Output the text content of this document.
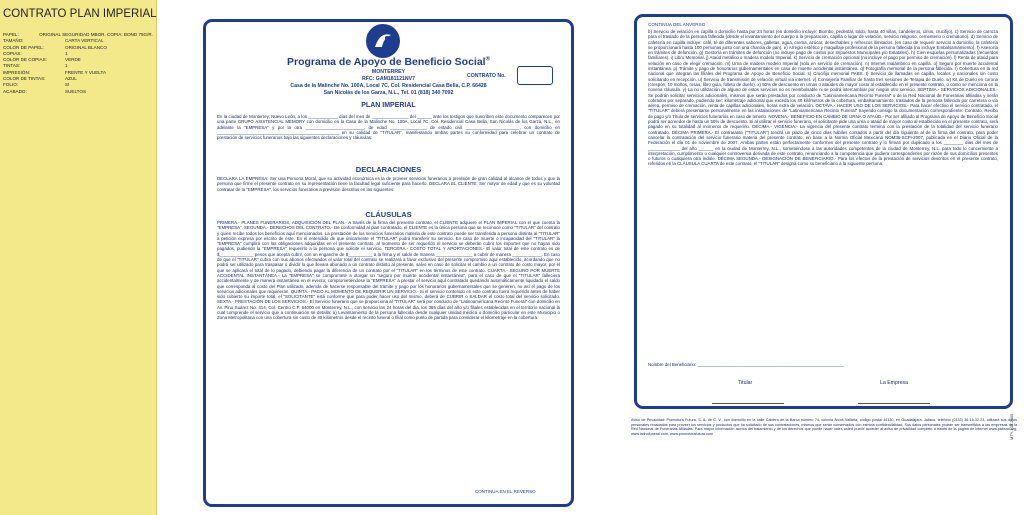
CONTRATO PLAN IMPERIAL
PAPEL:	ORIGINAL SEGURIDAD MBOR. COPIA: BOND 75G/R.
TAMAÑO:	CARTA VERTICAL
COLOR DE PAPEL:	ORIGINAL BLANCO
COPIAS:	1
COLOR DE COPIAS:	VERDE
TINTAS:	1
IMPRESIÓN:	FRENTE Y VUELTA
COLOR DE TINTAS:	AZUL
FOLIO:	SI
ACABADO:	SUELTOS
Programa de Apoyo de Beneficio Social®
MONTERREY
RFC: GAM181121NV7
Casa de la Malinche No. 100A, Local 7C, Col. Residencial Casa Bella, C.P. 66428
San Nicolás de los Garza, N.L., Tel. 01 (818) 340 7092
CONTRATO No.
PLAN IMPERIAL
En la ciudad de Monterrey, Nuevo León, a los ____________ días del mes de _______________ del ______ ante los testigos que suscriben este documento comparecen por una parte GRUPO ASISTENCIAL MEMORY con domicilio en la Casa de la Malinche No. 100A, Local 7C, Col. Residencial Casa Bella, San Nicolás de los Garza, N.L., en adelante la "EMPRESA" y por la otra ________________________, de edad _______________ de estado civil ______________________, con domicilio en __________________________________________________ en su calidad de "TITULAR", manifestando ambas partes su conformidad para celebrar un contrato de prestación de servicios funerarios bajo las siguientes declaraciones y cláusulas:
DECLARACIONES
DECLARA LA EMPRESA: Ser una Persona Moral, que su actividad económica es la de proveer servicios funerarios a previsión de gran calidad al alcance de todos y que la persona que firme el presente contrato en su representación tiene la facultad legal suficiente para hacerlo. DECLARA EL CLIENTE: Ser mayor de edad y que es su voluntad contratar de la "EMPRESA", los servicios funerarios a previsión descritos en las siguientes:
CLÁUSULAS
PRIMERA.- PLANES FUNERARIOS, ADQUISICIÓN DEL PLAN.- A través de la firma del presente contrato, el CLIENTE adquiere el PLAN IMPERIAL con el que cuenta la "EMPRESA". SEGUNDA.- DERECHOS DEL CONTRATO.- De conformidad al plan contratado, el CLIENTE es la única persona que se reconoce como "TITULAR" del contrato y quien recibe todos los beneficios aquí mencionados. La prestación de los servicios funerarios materia de este contrato puede ser transferida a persona distinta al "TITULAR" a petición expresa por escrito de éste. En el entendido de que únicamente el "TITULAR" podrá transferir su servicio. En caso de muerte o incapacidad del "TITULAR" la "EMPRESA" cumplirá con las obligaciones adquiridas en el presente contrato, al momento de ser requerido el servicio se deberán cubrir los importes que no hayan sido pagados, pudiendo la "EMPRESA" requerirlo a la persona que solicite el servicio. TERCERA.- COSTO TOTAL Y APORTACIONES.- El valor total de este contrato es de $______________ pesos que acepta cubrir, con un enganche de $__________ a la firma y el saldo de manera _______________ a cubrir de manera ____________. En caso de que el "TITULAR" cubra con sus abonos efectuados el valor total del contrato se realizará a favor exclusivo del presente compromiso aquí establecido, acordando que no podrá ser utilizado para traspasar o dividir lo que llevara abonado a un contrato distinto al presente, salvo en caso de solicitar el cambio a un contrato de costo mayor, por el que se aplicará el total de lo pagado, debiendo pagar la diferencia de un contrato por el "TITULAR" en los términos de este contrato. CUARTA.- SEGURO POR MUERTE ACCIDENTAL INSTANTÁNEA.- La "EMPRESA" se compromete a otorgar un "seguro por muerte accidental instantánea", para el caso de que el "TITULAR" falleciera accidentalmente y de manera instantánea en el evento; comprometiéndose la "EMPRESA" a prestar el servicio aquí contratado quedando automáticamente liquidado el saldo que corresponda al costo del Plan utilizado, además de hacerse responsable del trámite y pago por los honorarios gubernamentales que se generen, no así el pago de los servicios adicionales que requirieran. QUINTA.- PAGO AL MOMENTO DE REQUERIR UN SERVICIO.- Si el servicio contenido en este contrato fuera requerido antes de haber sido cubierto su importe total, el "SOLICITANTE" está conforme que para poder hacer uso del mismo, deberá de CUBRIR o SALDAR el costo total del servicio solicitado. SEXTA.- PRESTACIÓN DE LOS SERVICIOS.- El Servicio funerario que se proporciona al "TITULAR" será por conducto de "Latinoamericana Recinto Funeral" con domicilio en Av. Pino Suárez No. 414, Col. Centro C.P. 64000 en Monterrey, N.L., con servicio las 24 horas del día, los 365 días del año y/o filiales establecidas en el territorio nacional la cual comprende el servicio que a continuación se detalla: a) Levantamiento de la persona fallecida desde cualquier unidad médica o domicilio particular en este Municipio o Zona Metropolitana con una cobertura sin costo de 40 kilómetros desde el recinto funeral o filial como punto de partida para considerar el kilometraje en la cobertura.
CONTINUA EN EL REVERSO
CONTINUA DEL ANVERSO
b) Servicio de velación en capilla o domicilio hasta por 24 horas (en domicilio incluye: Biombo, pedestal, toldo, hasta 40 sillas, candeleros, cirios, crucifijo). c) Servicio de carroza para el traslado de la persona fallecida (desde el levantamiento del cuerpo a la preparación, capilla o lugar de velación, servicio religioso, cementerio o crematorio). d) Servicio de cafetería en capilla incluye: café, té de diferentes sabores, galletas, agua, crema, azúcar, desechables y refrescos ilimitados. (en caso de requerir servicio a domicilio, la cafetería se proporcionará hasta 100 personas junto con una charola de pan). e) Arreglo estético y maquillaje profesional de la persona fallecida (no incluye Embalsamamiento). f) Asesoría en trámites de defunción. g) Gestoría en trámites de defunción (no incluye pago de costos por Impuestos Municipales y/o Estatales). h) Cien esquelas personalizadas (recuerdos familiares). i) Libro Memorial. j) Ataúd metálico o madera modelo Imperial. k) Servicio de cremación opcional (no incluye el pago por permiso de cremación). l) Renta de ataúd para velación en caso de elegir cremación. m) Urna de madera modelo Imperial (sólo en servicio de cremación). n) Internet Inalámbrico en capilla. o) Seguro por muerte accidental instantánea. p) Trámite y pago de honorarios gubernamentales en caso de muerte accidental instantánea. q) Fotografía memorial de la persona fallecida. r) Cobertura en la red nacional que integran las filiales del Programa de Apoyo de Beneficio Social. s) Crucifijo memorial PABS. t) Servicio de llamadas en capilla, locales y nacionales sin costo solicitando en recepción. u) Servicio de transmisión de velación virtual vía internet. v) Consejería Familiar de hasta tres sesiones de Terapia de Duelo. w) Kit de Duelo en corona (crespón, 10 moños, rosas, libro guía, folleto de duelo). x) 50% de descuento en urnas o ataúdes de mayor costo al establecido en el presente contrato, o como se menciona en la novena cláusula. y) La no utilización de alguno de estos servicios no es reembolsable ni se podrá intercambiar por ningún otro servicio. SÉPTIMA.- SERVICIOS ADICIONALES.- Se podrán solicitar servicios adicionales, mismos que serán prestados por conducto de "Latinoamericana Recinto Funeral" o de la Red Nacional de Funerarias afiliadas y serán cobrados por separado, pudiendo ser: kilometraje adicional que exceda los 40 kilómetros de la cobertura, embalsamamiento, traslados de la persona fallecida por carretera o vía aérea, permiso de cremación, renta de capillas adicionales, horas extra de velación. OCTAVA.- HACER USO DE LOS SERVICIOS.- Para hacer efectivo el servicio contratado, el "TITULAR" deberá presentarse personalmente en las instalaciones de "Latinoamericana Recinto Funeral" trayendo consigo la documentación correspondiente: Contrato, Recibo de pago y/o Título de servicios funerarios en caso de tenerlo. NOVENA.- BENEFICIO EN CAMBIO DE URNA O ATAÚD.- Por ser afiliado al Programa de Apoyo de Beneficio Social podrá ser acreedor de hasta un 50% de descuento. Si al utilizar el servicio funerario, el solicitante pide una urna o ataúd de mayor costo al establecido en el presente contrato, será pagado en su totalidad al momento de requerirlo. DÉCIMA.- VIGENCIA.- La vigencia del presente contrato termina con la prestación de la totalidad del servicio funerario contratado. DÉCIMA PRIMERA.- El contratante ("TITULAR") tendrá un plazo de cinco días hábiles contados a partir del día siguiente al de la firma del contrato, para poder cancelar la contratación del servicio funerario materia del presente contrato, en base a la Norma Oficial Mexicana NOM36-SCFI-2007, publicada en el Diario Oficial de la Federación el día 01 de noviembre de 2007. Ambas partes están perfectamente conformes del presente contrato y lo firman por duplicado a los ________ días del mes de _____________ del año ______ en la ciudad de Monterrey, N.L., sometiéndose a las autoridades competentes de la ciudad de Monterrey, N.L. para todo lo concerniente a interpretación, cumplimiento o cualquier controversia derivada de este contrato, renunciando a la competencia que pudiera corresponderles por razón de sus domicilios presentes o futuros o cualquiera otra índole. DÉCIMA SEGUNDA.- DESIGNACIÓN DE BENEFICIARIO.- Para los efectos de la prestación de servicios descritos en el presente contrato, referidos en la CLÁUSULA CUARTA de este contrato, el "TITULAR" designa como su beneficiario a la siguiente persona.
Nombre del Beneficiario: ____________________________________________________________
Titular	La Empresa
Aviso de Privacidad: Promotora Futura, S. A. de C. V., con domicilio en la calle Caldera de la Barca número 74, colonia Arcos Vallarta, código postal 44130, en Guadalajara, Jalisco, teléfono (0133) 36-15-32-23, utilizará sus datos personales recabados para proveer los servicios y productos que ha solicitado de sus contrataciones, mismos que serán conservados con estricta confidencialidad. Sus datos personales podrán ser transmitidos a las empresas de la Red Nacional de Funerarias Afiliadas. Para mayor información acerca del tratamiento y de los derechos que puede hacer valer, usted puede acceder al aviso de privacidad completo a través de la página de internet www.pabsmi.org, www.latinofuneral.com, www.promotorafutura.com	MTY-102-2005
